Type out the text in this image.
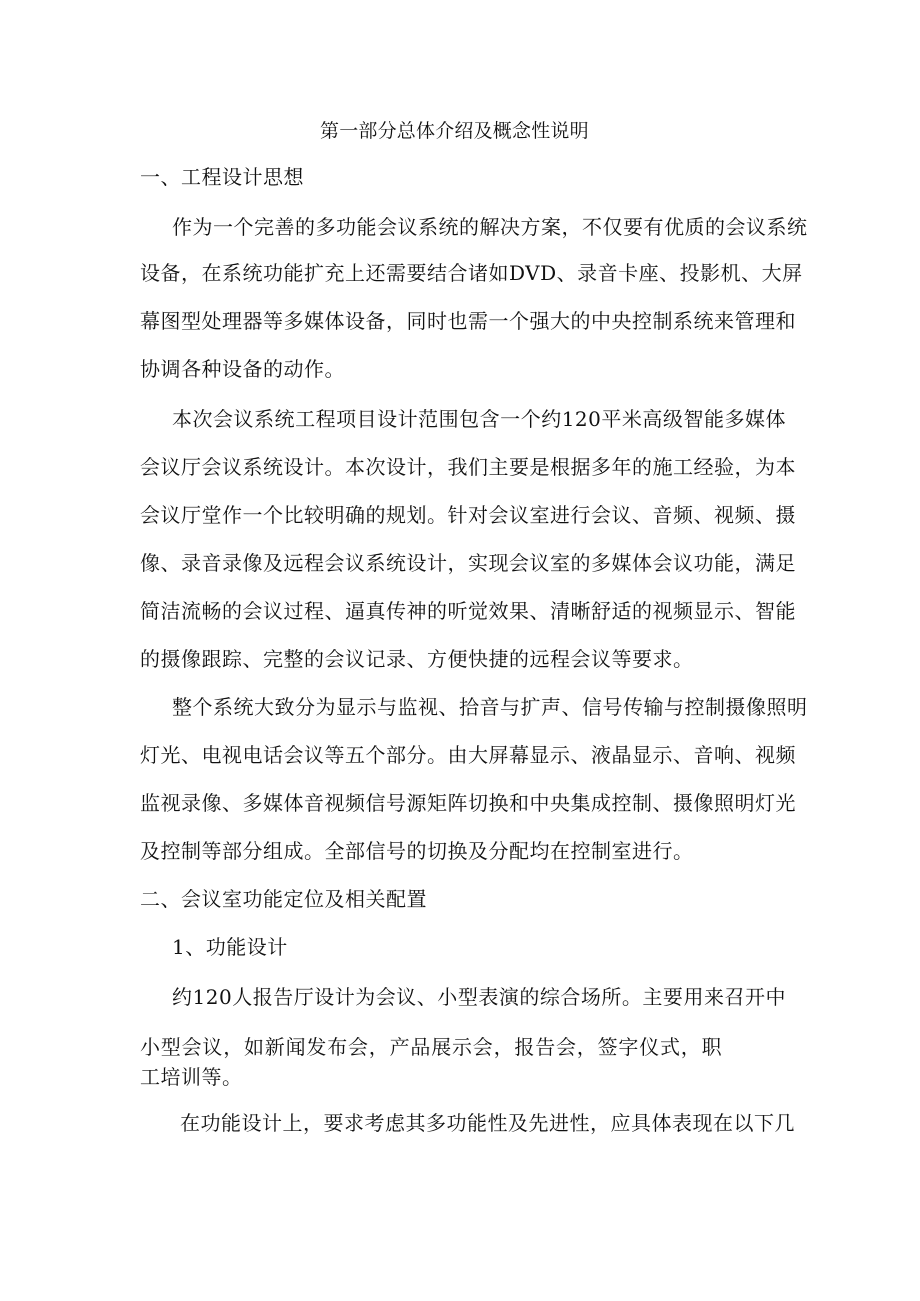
第一部分总体介绍及概念性说明
一、工程设计思想
作为一个完善的多功能会议系统的解决方案，不仅要有优质的会议系统
设备，在系统功能扩充上还需要结合诸如DVD、录音卡座、投影机、大屏
幕图型处理器等多媒体设备，同时也需一个强大的中央控制系统来管理和
协调各种设备的动作。
本次会议系统工程项目设计范围包含一个约120平米高级智能多媒体
会议厅会议系统设计。本次设计，我们主要是根据多年的施工经验，为本
会议厅堂作一个比较明确的规划。针对会议室进行会议、音频、视频、摄
像、录音录像及远程会议系统设计，实现会议室的多媒体会议功能，满足
简洁流畅的会议过程、逼真传神的听觉效果、清晰舒适的视频显示、智能
的摄像跟踪、完整的会议记录、方便快捷的远程会议等要求。
整个系统大致分为显示与监视、拾音与扩声、信号传输与控制摄像照明
灯光、电视电话会议等五个部分。由大屏幕显示、液晶显示、音响、视频
监视录像、多媒体音视频信号源矩阵切换和中央集成控制、摄像照明灯光
及控制等部分组成。全部信号的切换及分配均在控制室进行。
二、会议室功能定位及相关配置
1、功能设计
约120人报告厅设计为会议、小型表演的综合场所。主要用来召开中
小型会议，如新闻发布会，产品展示会，报告会，签字仪式，职
工培训等。
在功能设计上，要求考虑其多功能性及先进性，应具体表现在以下几
